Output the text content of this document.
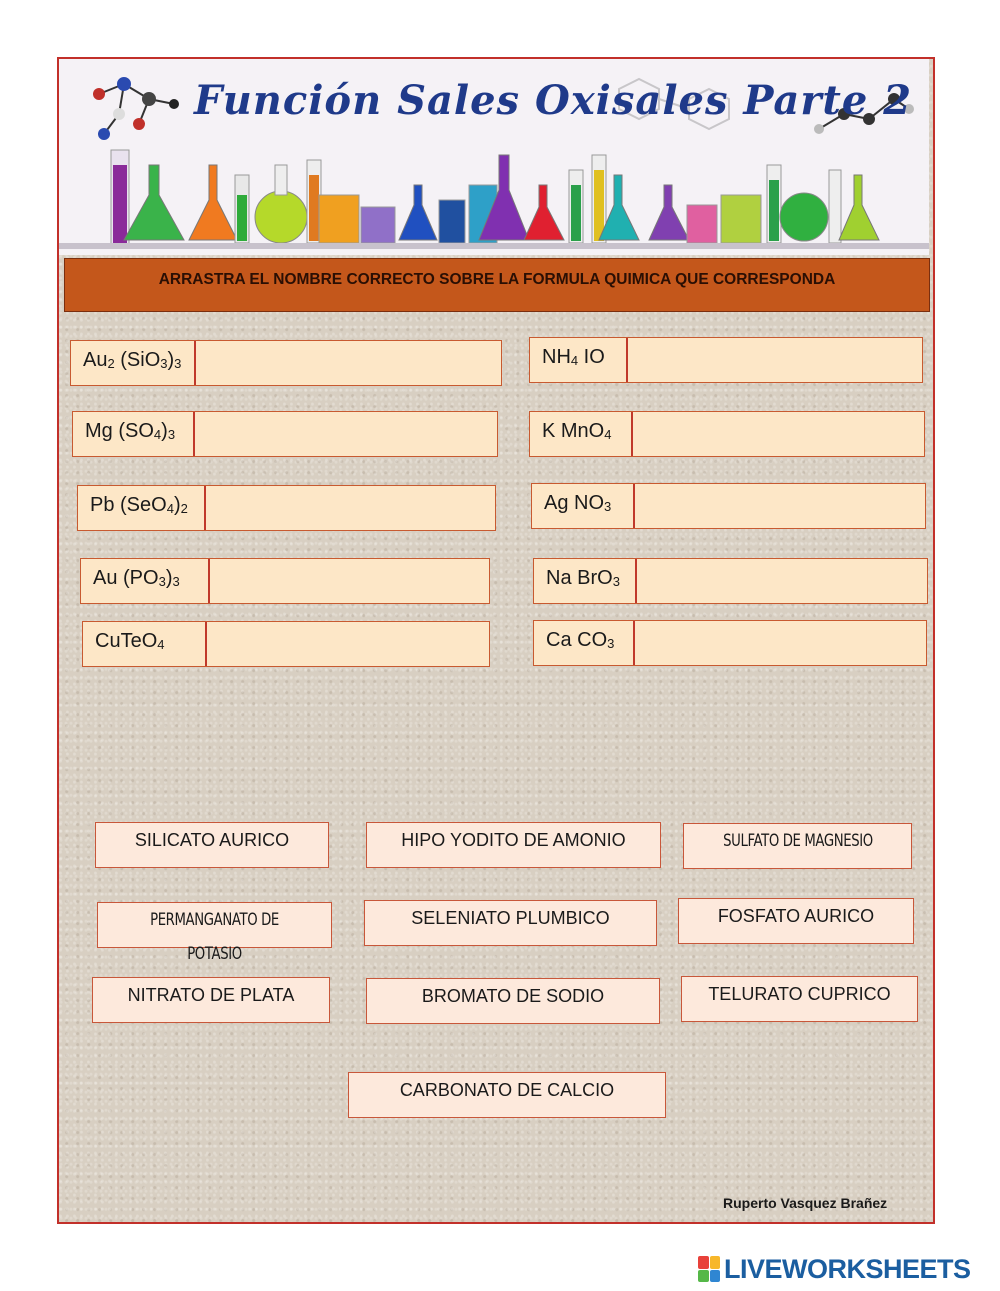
Función Sales Oxisales Parte 2
ARRASTRA EL NOMBRE CORRECTO SOBRE LA FORMULA QUIMICA QUE CORRESPONDA
$Au_2$ $(SiO_3)_3$
Mg $(SO_4)_3$
Pb $(SeO_4)_2$
Au $(PO_3)_3$
CuTeO$_4$
$NH_4$ IO
K MnO$_4$
Ag $NO_3$
Na BrO$_3$
Ca $CO_3$
SILICATO AURICO	HIPO YODITO DE AMONIO	SULFATO DE MAGNESIO
PERMANGANATO DE POTASIO
SELENIATO PLUMBICO	FOSFATO AURICO
NITRATO DE PLATA	BROMATO DE SODIO	TELURATO CUPRICO
CARBONATO DE CALCIO
Ruperto Vasquez Brañez
LIVEWORKSHEETS
